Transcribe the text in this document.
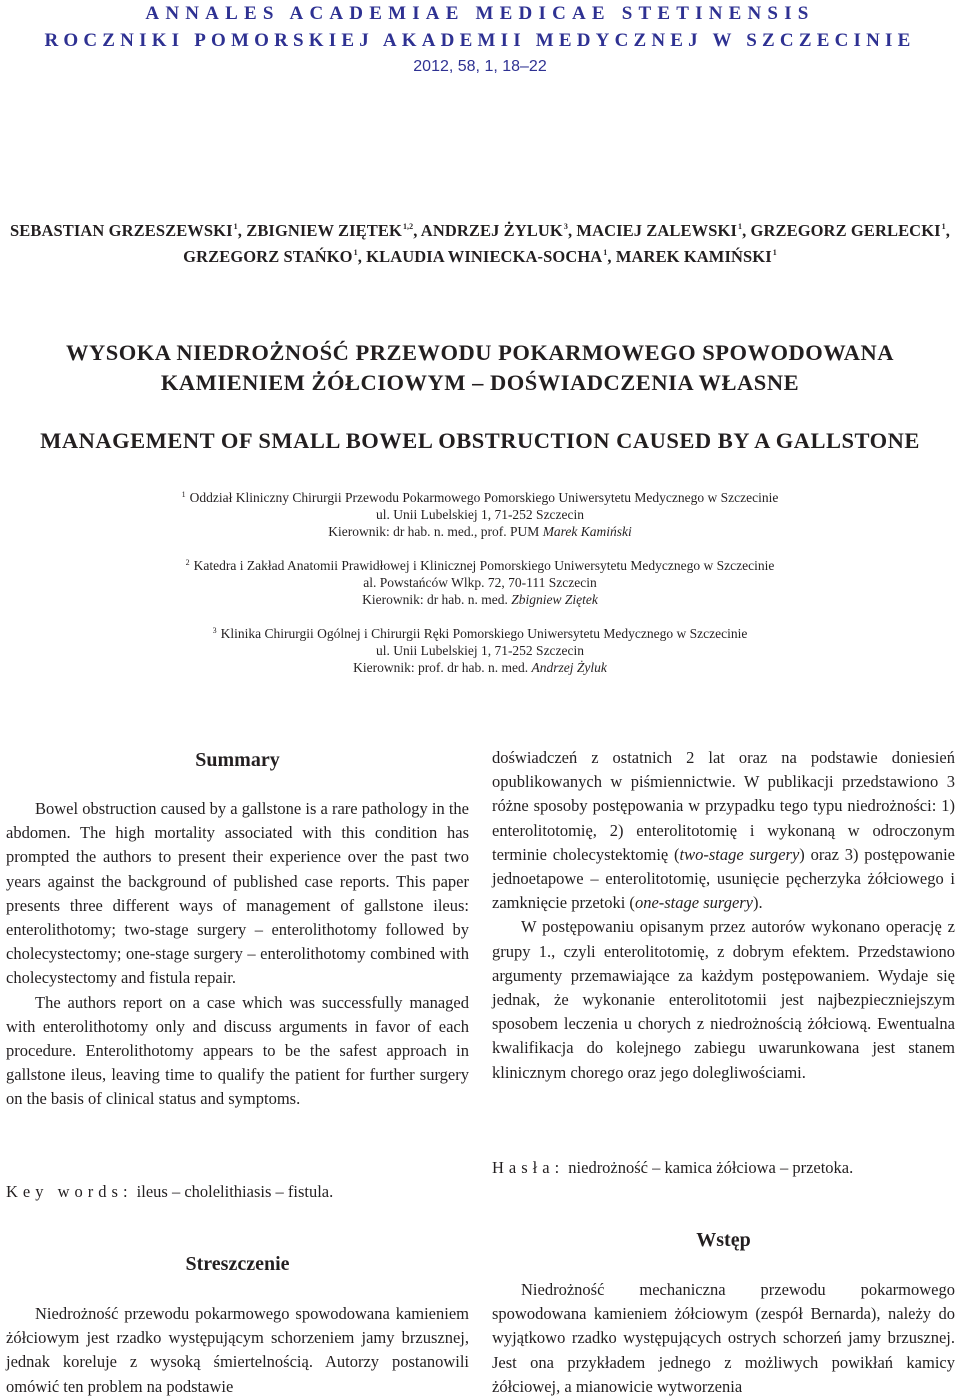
ANNALES ACADEMIAE MEDICAE STETINENSIS
ROCZNIKI POMORSKIEJ AKADEMII MEDYCZNEJ W SZCZECINIE
2012, 58, 1, 18–22
SEBASTIAN GRZESZEWSKI$^1$, ZBIGNIEW ZIĘTEK$^{1,2}$, ANDRZEJ ŻYLUK$^3$, MACIEJ ZALEWSKI$^1$, GRZEGORZ GERLECKI$^1$,
GRZEGORZ STAŃKO$^1$, KLAUDIA WINIECKA-SOCHA$^1$, MAREK KAMIŃSKI$^1$
WYSOKA NIEDROŻNOŚĆ PRZEWODU POKARMOWEGO SPOWODOWANA
KAMIENIEM ŻÓŁCIOWYM – DOŚWIADCZENIA WŁASNE
MANAGEMENT OF SMALL BOWEL OBSTRUCTION CAUSED BY A GALLSTONE
$^1$ Oddział Kliniczny Chirurgii Przewodu Pokarmowego Pomorskiego Uniwersytetu Medycznego w Szczecinie
ul. Unii Lubelskiej 1, 71-252 Szczecin
Kierownik: dr hab. n. med., prof. PUM Marek Kamiński
$^2$ Katedra i Zakład Anatomii Prawidłowej i Klinicznej Pomorskiego Uniwersytetu Medycznego w Szczecinie
al. Powstańców Wlkp. 72, 70-111 Szczecin
Kierownik: dr hab. n. med. Zbigniew Ziętek
$^3$ Klinika Chirurgii Ogólnej i Chirurgii Ręki Pomorskiego Uniwersytetu Medycznego w Szczecinie
ul. Unii Lubelskiej 1, 71-252 Szczecin
Kierownik: prof. dr hab. n. med. Andrzej Żyluk
Summary

Bowel obstruction caused by a gallstone is a rare pathology in the abdomen. The high mortality associated with this condition has prompted the authors to present their experience over the past two years against the background of published case reports. This paper presents three different ways of management of gallstone ileus: enterolithotomy; two-stage surgery – enterolithotomy followed by cholecystectomy; one-stage surgery – enterolithotomy combined with cholecystectomy and fistula repair.

The authors report on a case which was successfully managed with enterolithotomy only and discuss arguments in favor of each procedure. Enterolithotomy appears to be the safest approach in gallstone ileus, leaving time to qualify the patient for further surgery on the basis of clinical status and symptoms.

Key words: ileus – cholelithiasis – fistula.
Streszczenie

Niedrożność przewodu pokarmowego spowodowana kamieniem żółciowym jest rzadko występującym schorzeniem jamy brzusznej, jednak koreluje z wysoką śmiertelnością. Autorzy postanowili omówić ten problem na podstawie

doświadczeń z ostatnich 2 lat oraz na podstawie doniesień opublikowanych w piśmiennictwie. W publikacji przedstawiono 3 różne sposoby postępowania w przypadku tego typu niedrożności: 1) enterolitotomię, 2) enterolitotomię i wykonaną w odroczonym terminie cholecystektomię (two-stage surgery) oraz 3) postępowanie jednoetapowe – enterolitotomię, usunięcie pęcherzyka żółciowego i zamknięcie przetoki (one-stage surgery).

W postępowaniu opisanym przez autorów wykonano operację z grupy 1., czyli enterolitotomię, z dobrym efektem. Przedstawiono argumenty przemawiające za każdym postępowaniem. Wydaje się jednak, że wykonanie enterolitotomii jest najbezpieczniejszym sposobem leczenia u chorych z niedrożnością żółciową. Ewentualna kwalifikacja do kolejnego zabiegu uwarunkowana jest stanem klinicznym chorego oraz jego dolegliwościami.

Hasła: niedrożność – kamica żółciowa – przetoka.
Wstęp

Niedrożność mechaniczna przewodu pokarmowego spowodowana kamieniem żółciowym (zespół Bernarda), należy do wyjątkowo rzadko występujących ostrych schorzeń jamy brzusznej. Jest ona przykładem jednego z możliwych powikłań kamicy żółciowej, a mianowicie wytworzenia
